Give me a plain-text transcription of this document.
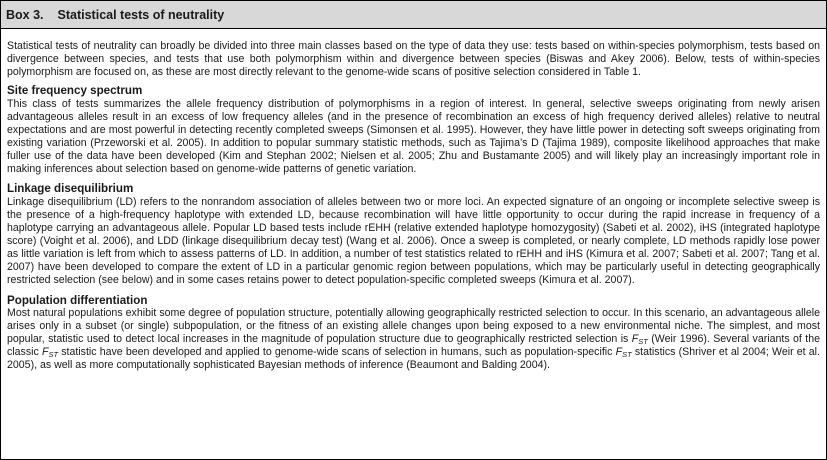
Box 3. Statistical tests of neutrality

Statistical tests of neutrality can broadly be divided into three main classes based on the type of data they use: tests based on within-species polymorphism, tests based on divergence between species, and tests that use both polymorphism within and divergence between species (Biswas and Akey 2006). Below, tests of within-species polymorphism are focused on, as these are most directly relevant to the genome-wide scans of positive selection considered in Table 1.

Site frequency spectrum

This class of tests summarizes the allele frequency distribution of polymorphisms in a region of interest. In general, selective sweeps originating from newly arisen advantageous alleles result in an excess of low frequency alleles (and in the presence of recombination an excess of high frequency derived alleles) relative to neutral expectations and are most powerful in detecting recently completed sweeps (Simonsen et al. 1995). However, they have little power in detecting soft sweeps originating from existing variation (Przeworski et al. 2005). In addition to popular summary statistic methods, such as Tajima’s D (Tajima 1989), composite likelihood approaches that make fuller use of the data have been developed (Kim and Stephan 2002; Nielsen et al. 2005; Zhu and Bustamante 2005) and will likely play an increasingly important role in making inferences about selection based on genome-wide patterns of genetic variation.

Linkage disequilibrium

Linkage disequilibrium (LD) refers to the nonrandom association of alleles between two or more loci. An expected signature of an ongoing or incomplete selective sweep is the presence of a high-frequency haplotype with extended LD, because recombination will have little opportunity to occur during the rapid increase in frequency of a haplotype carrying an advantageous allele. Popular LD based tests include rEHH (relative extended haplotype homozygosity) (Sabeti et al. 2002), iHS (integrated haplotype score) (Voight et al. 2006), and LDD (linkage disequilibrium decay test) (Wang et al. 2006). Once a sweep is completed, or nearly complete, LD methods rapidly lose power as little variation is left from which to assess patterns of LD. In addition, a number of test statistics related to rEHH and iHS (Kimura et al. 2007; Sabeti et al. 2007; Tang et al. 2007) have been developed to compare the extent of LD in a particular genomic region between populations, which may be particularly useful in detecting geographically restricted selection (see below) and in some cases retains power to detect population-specific completed sweeps (Kimura et al. 2007).

Population differentiation

Most natural populations exhibit some degree of population structure, potentially allowing geographically restricted selection to occur. In this scenario, an advantageous allele arises only in a subset (or single) subpopulation, or the fitness of an existing allele changes upon being exposed to a new environmental niche. The simplest, and most popular, statistic used to detect local increases in the magnitude of population structure due to geographically restricted selection is $F_{ST}$ (Weir 1996). Several variants of the classic $F_{ST}$ statistic have been developed and applied to genome-wide scans of selection in humans, such as population-specific $F_{ST}$ statistics (Shriver et al 2004; Weir et al. 2005), as well as more computationally sophisticated Bayesian methods of inference (Beaumont and Balding 2004).
